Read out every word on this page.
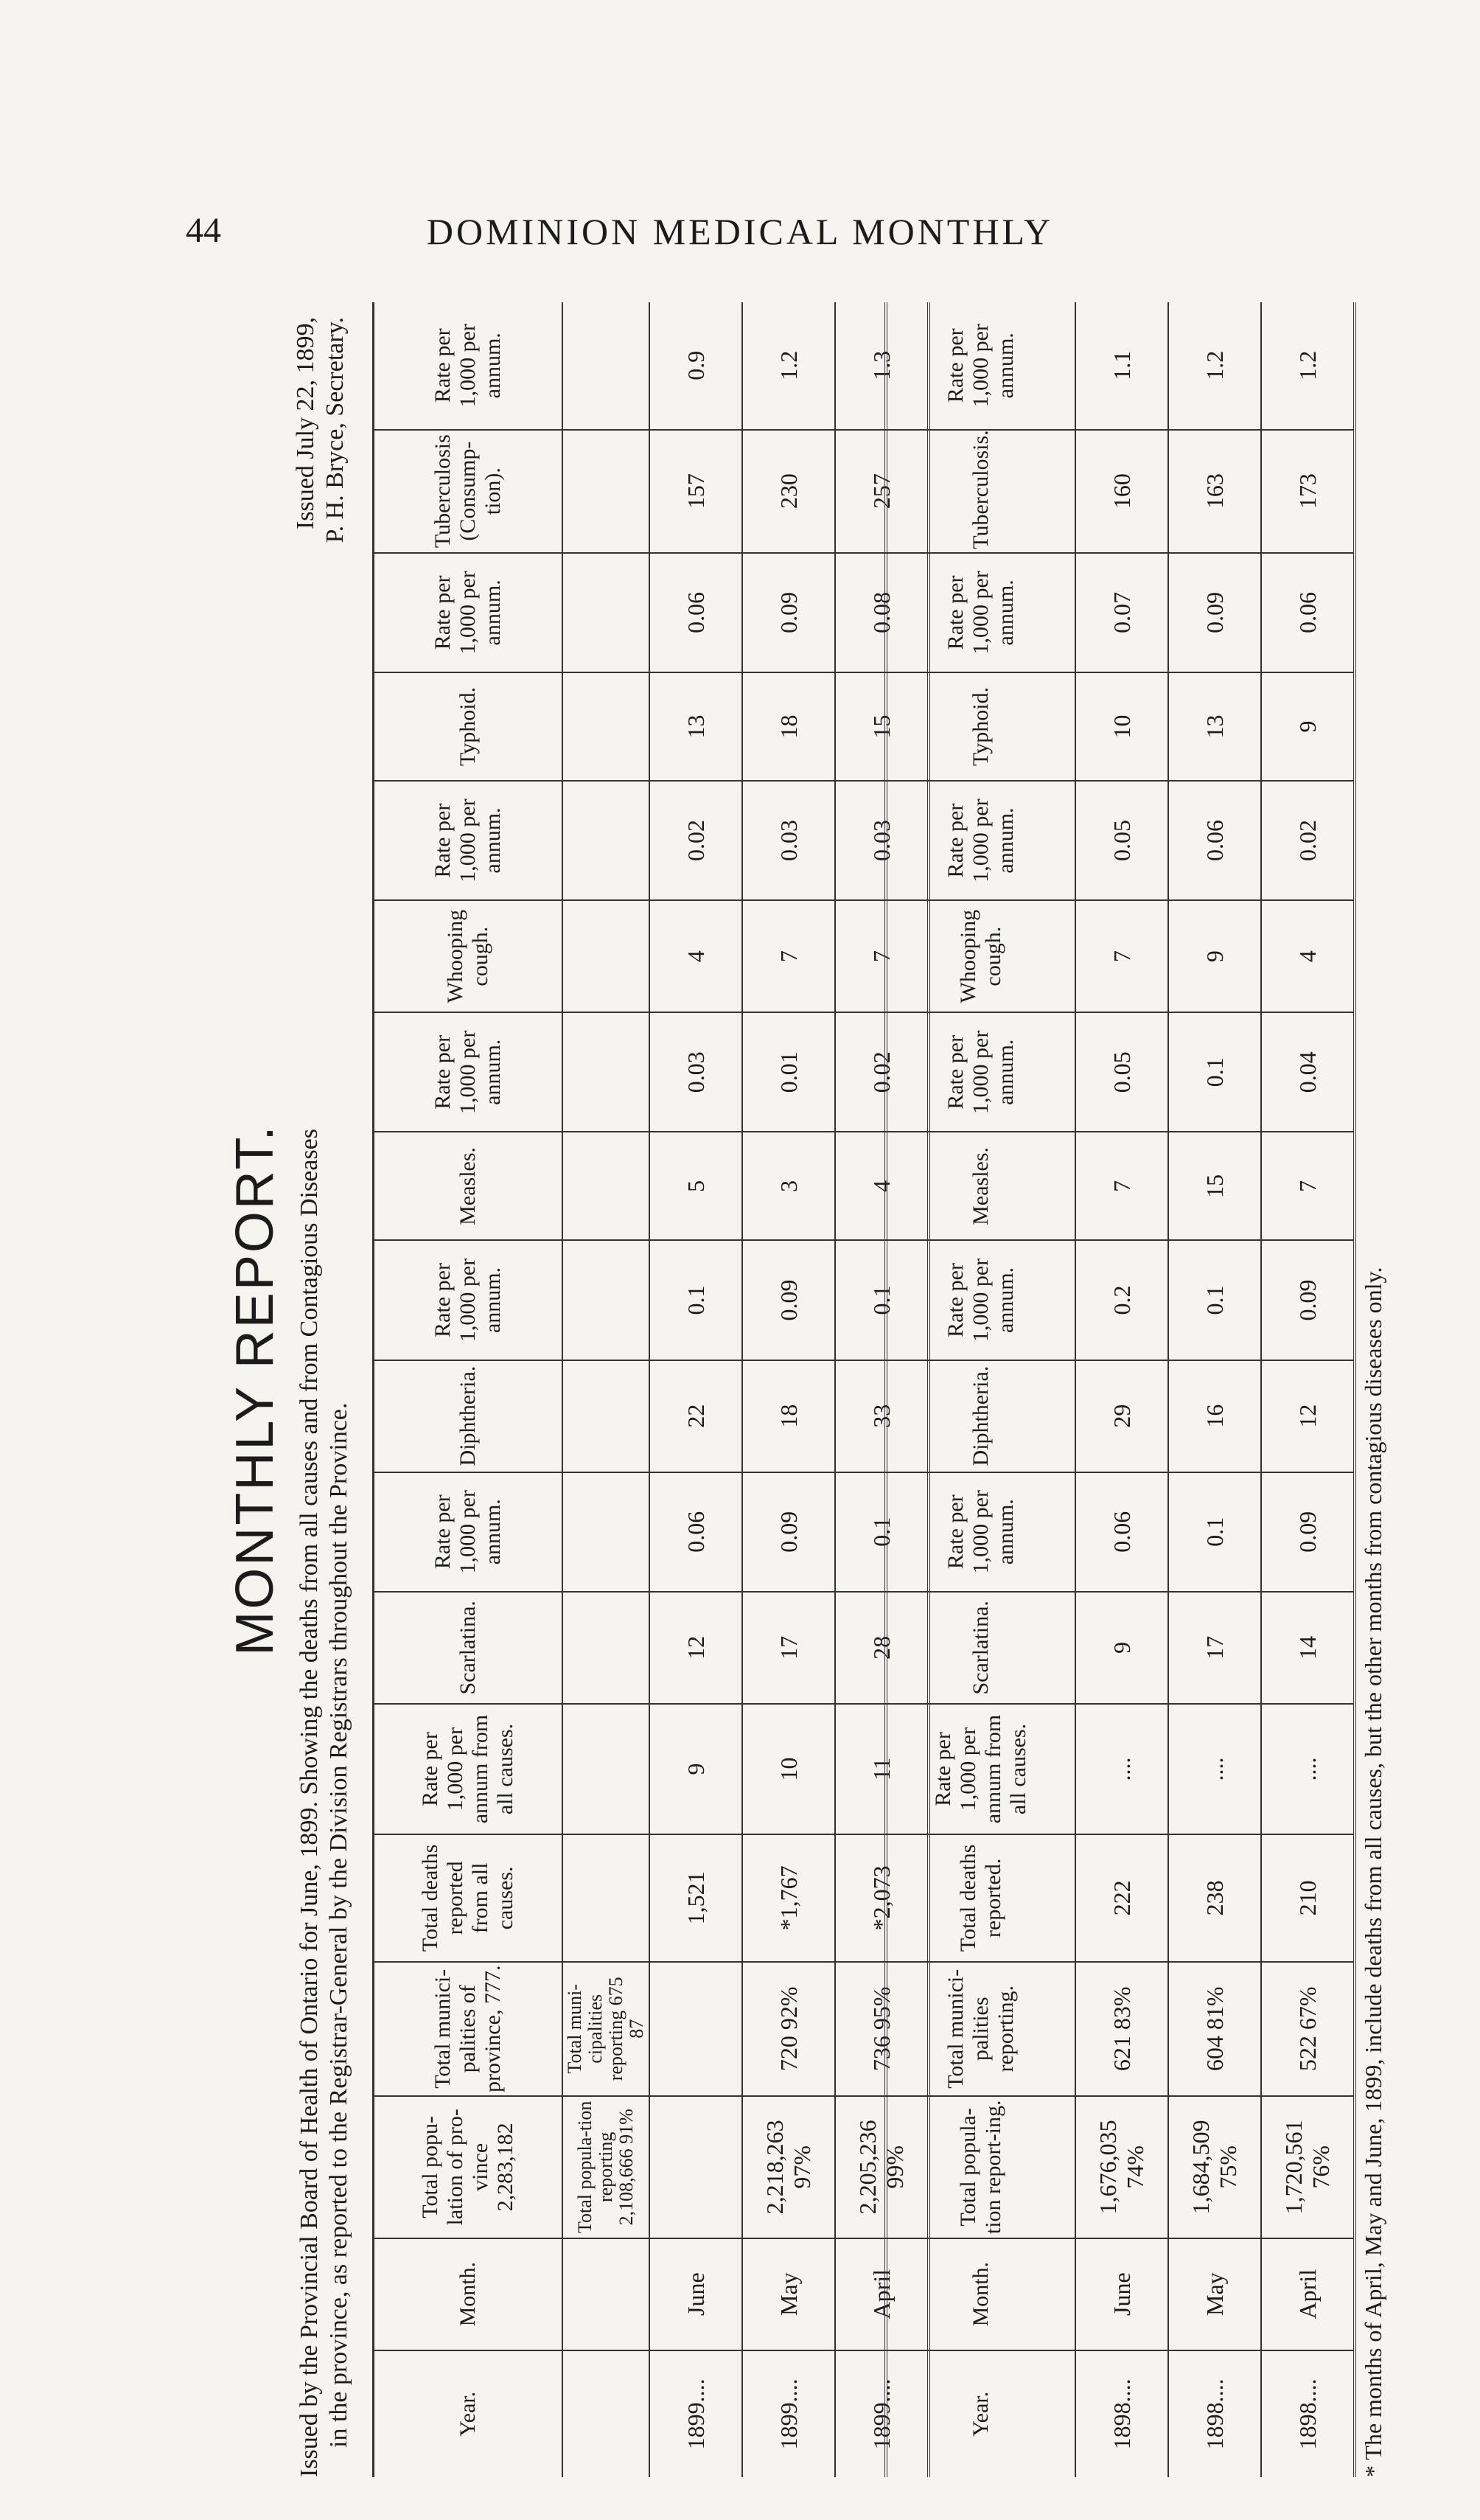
44	DOMINION MEDICAL MONTHLY
MONTHLY REPORT. Issued by the Provincial Board of Health of Ontario for June, 1899. Showing the deaths from all causes and from Contagious Diseases in the province, as reported to the Registrar-General by the Division Registrars throughout the Province.
Issued July 22, 1899, P. H. Bryce, Secretary.
Year.	Month.	Total popu-lation of pro-vince 2,283,182	Total munici-palities of province, 777.	Total deaths reported from all causes.	Rate per 1,000 per annum from all causes.	Scarlatina.	Rate per 1,000 per annum.	Diphtheria.	Rate per 1,000 per annum.	Measles.	Rate per 1,000 per annum.	Whooping cough.	Rate per 1,000 per annum.	Typhoid.	Rate per 1,000 per annum.	Tuberculosis (Consump-tion).	Rate per 1,000 per annum.
		Total popula-tion reporting 2,108,666 91%	Total muni-cipalities reporting 675 87														
1899....	June			1,521	9	12	0.06	22	0.1	5	0.03	4	0.02	13	0.06	157	0.9
1899....	May	2,218,263 97%	720 92%	*1,767	10	17	0.09	18	0.09	3	0.01	7	0.03	18	0.09	230	1.2
1899....	April	2,205,236 99%	736 95%	*2,073	11	28	0.1	33	0.1	4	0.02	7	0.03	15	0.08	257	1.3
Year.	Month.	Total popula-tion report-ing.	Total munici-palities reporting.	Total deaths reported.	Rate per 1,000 per annum from all causes.	Scarlatina.	Rate per 1,000 per annum.	Diphtheria.	Rate per 1,000 per annum.	Measles.	Rate per 1,000 per annum.	Whooping cough.	Rate per 1,000 per annum.	Typhoid.	Rate per 1,000 per annum.	Tuberculosis.	Rate per 1,000 per annum.
1898....	June	1,676,035 74%	621 83%	222	....	9	0.06	29	0.2	7	0.05	7	0.05	10	0.07	160	1.1
1898....	May	1,684,509 75%	604 81%	238	....	17	0.1	16	0.1	15	0.1	9	0.06	13	0.09	163	1.2
1898....	April	1,720,561 76%	522 67%	210	....	14	0.09	12	0.09	7	0.04	4	0.02	9	0.06	173	1.2
* The months of April, May and June, 1899, include deaths from all causes, but the other months from contagious diseases only.
